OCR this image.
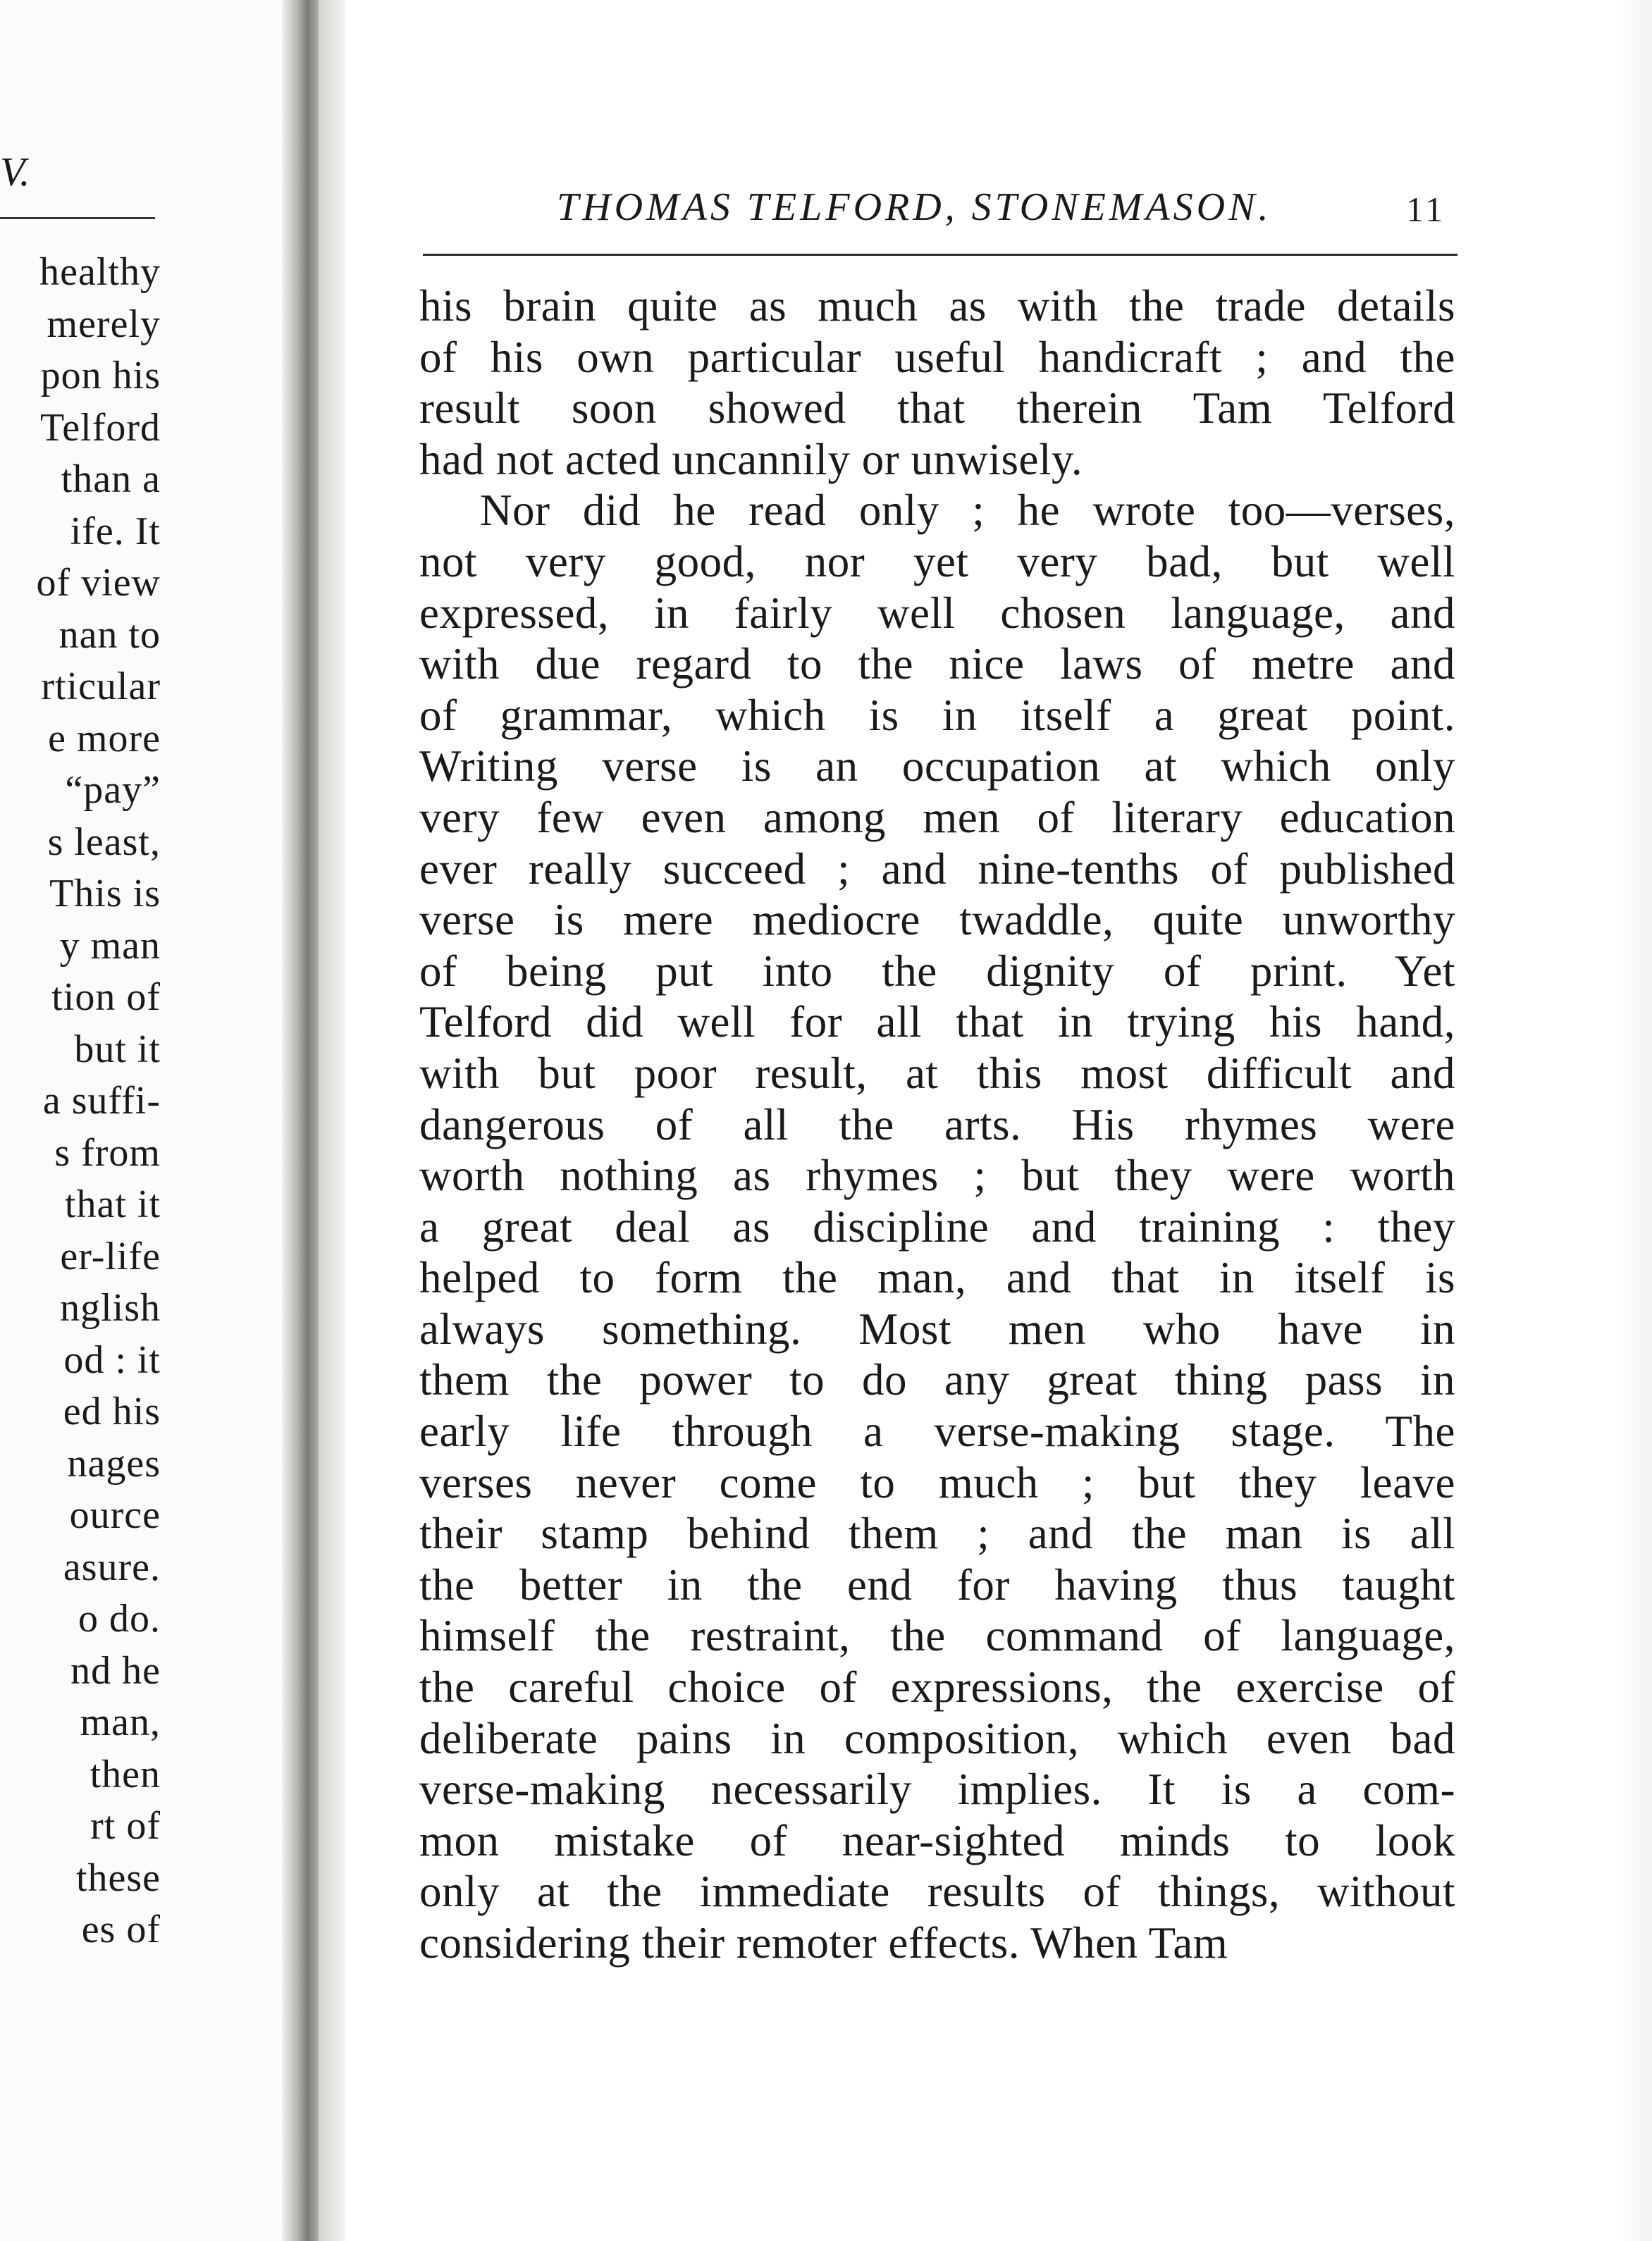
V.
healthy
merely
pon his
Telford
than a
ife. It
of view
nan to
rticular
e more
“pay”
s least,
This is
y man
tion of
but it
a suffi-
s from
that it
er-life
nglish
od : it
ed his
nages
ource
asure.
o do.
nd he
man,
then
rt of
these
es of
THOMAS TELFORD, STONEMASON.	11
his brain quite as much as with the trade details
of his own particular useful handicraft ; and the
result soon showed that therein Tam Telford
had not acted uncannily or unwisely.
Nor did he read only ; he wrote too—verses,
not very good, nor yet very bad, but well
expressed, in fairly well chosen language, and
with due regard to the nice laws of metre and
of grammar, which is in itself a great point.
Writing verse is an occupation at which only
very few even among men of literary education
ever really succeed ; and nine-tenths of published
verse is mere mediocre twaddle, quite unworthy
of being put into the dignity of print. Yet
Telford did well for all that in trying his hand,
with but poor result, at this most difficult and
dangerous of all the arts. His rhymes were
worth nothing as rhymes ; but they were worth
a great deal as discipline and training : they
helped to form the man, and that in itself is
always something. Most men who have in
them the power to do any great thing pass in
early life through a verse-making stage. The
verses never come to much ; but they leave
their stamp behind them ; and the man is all
the better in the end for having thus taught
himself the restraint, the command of language,
the careful choice of expressions, the exercise of
deliberate pains in composition, which even bad
verse-making necessarily implies. It is a com-
mon mistake of near-sighted minds to look
only at the immediate results of things, without
considering their remoter effects. When Tam
